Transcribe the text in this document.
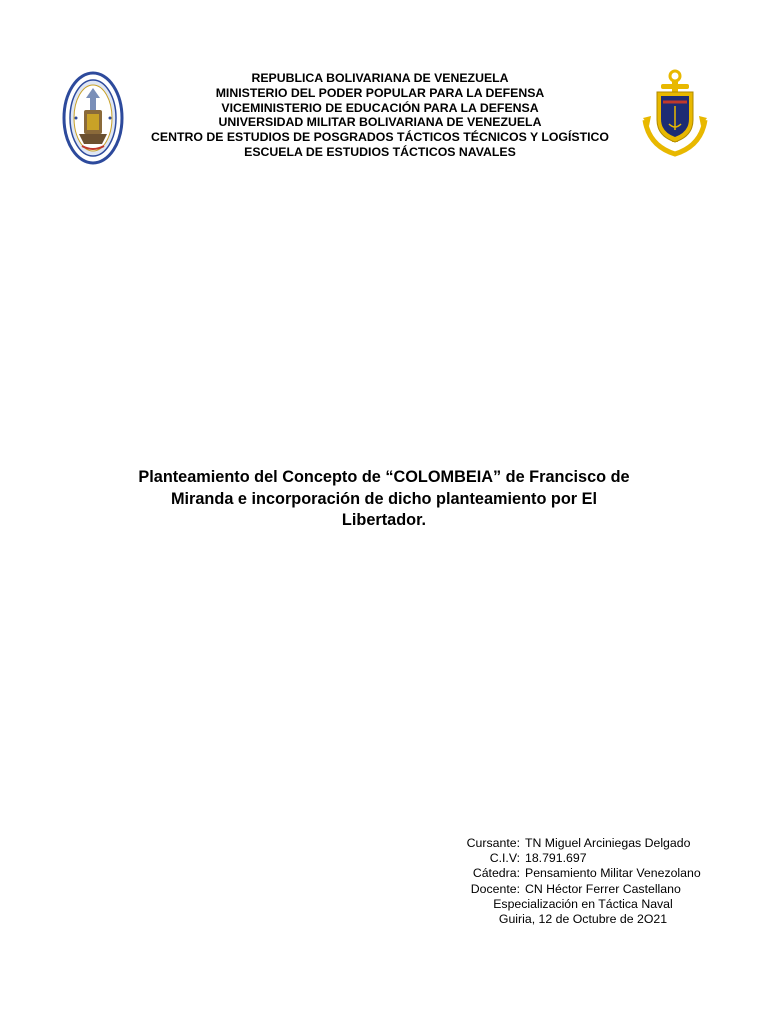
REPUBLICA BOLIVARIANA DE VENEZUELA
MINISTERIO DEL PODER POPULAR PARA LA DEFENSA
VICEMINISTERIO DE EDUCACIÓN PARA LA DEFENSA
UNIVERSIDAD MILITAR BOLIVARIANA DE VENEZUELA
CENTRO DE ESTUDIOS DE POSGRADOS TÁCTICOS TÉCNICOS Y LOGÍSTICO
ESCUELA DE ESTUDIOS TÁCTICOS NAVALES
Planteamiento del Concepto de “COLOMBEIA” de Francisco de
Miranda e incorporación de dicho planteamiento por El
Libertador.
Cursante: TN Miguel Arciniegas Delgado
C.I.V: 18.791.697
Cátedra: Pensamiento Militar Venezolano
Docente: CN Héctor Ferrer Castellano
Especialización en Táctica Naval
Guiria, 12 de Octubre de 2O21
